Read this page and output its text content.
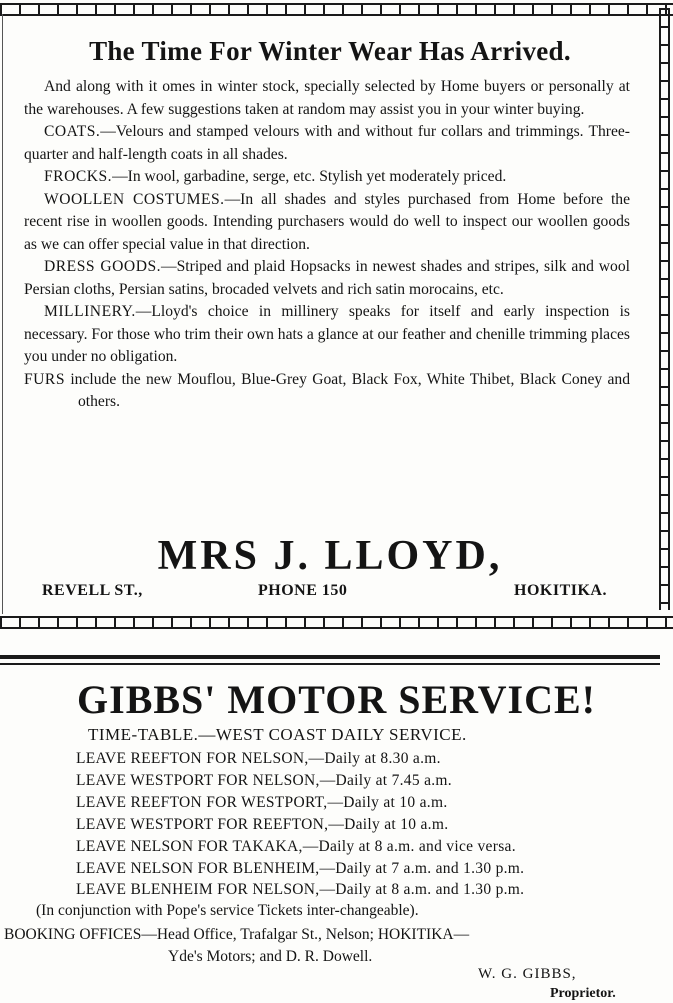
The Time For Winter Wear Has Arrived.

And along with it omes in winter stock, specially selected by Home buyers or personally at the warehouses. A few suggestions taken at random may assist you in your winter buying.

COATS.—Velours and stamped velours with and without fur collars and trimmings. Three-quarter and half-length coats in all shades.

FROCKS.—In wool, garbadine, serge, etc. Stylish yet moderately priced.

WOOLLEN COSTUMES.—In all shades and styles purchased from Home before the recent rise in woollen goods. Intending purchasers would do well to inspect our woollen goods as we can offer special value in that direction.

DRESS GOODS.—Striped and plaid Hopsacks in newest shades and stripes, silk and wool Persian cloths, Persian satins, brocaded velvets and rich satin morocains, etc.

MILLINERY.—Lloyd's choice in millinery speaks for itself and early inspection is necessary. For those who trim their own hats a glance at our feather and chenille trimming places you under no obligation.

FURS include the new Mouflou, Blue-Grey Goat, Black Fox, White Thibet, Black Coney and others.

MRS J. LLOYD,
REVELL ST.,	PHONE 150	HOKITIKA.
GIBBS' MOTOR SERVICE!
TIME-TABLE.—WEST COAST DAILY SERVICE.
LEAVE REEFTON FOR NELSON,—Daily at 8.30 a.m.
LEAVE WESTPORT FOR NELSON,—Daily at 7.45 a.m.
LEAVE REEFTON FOR WESTPORT,—Daily at 10 a.m.
LEAVE WESTPORT FOR REEFTON,—Daily at 10 a.m.
LEAVE NELSON FOR TAKAKA,—Daily at 8 a.m. and vice versa.
LEAVE NELSON FOR BLENHEIM,—Daily at 7 a.m. and 1.30 p.m.
LEAVE BLENHEIM FOR NELSON,—Daily at 8 a.m. and 1.30 p.m.
(In conjunction with Pope's service Tickets inter-changeable).
BOOKING OFFICES—Head Office, Trafalgar St., Nelson; HOKITIKA—
Yde's Motors; and D. R. Dowell.
W. G. GIBBS,
Proprietor.
